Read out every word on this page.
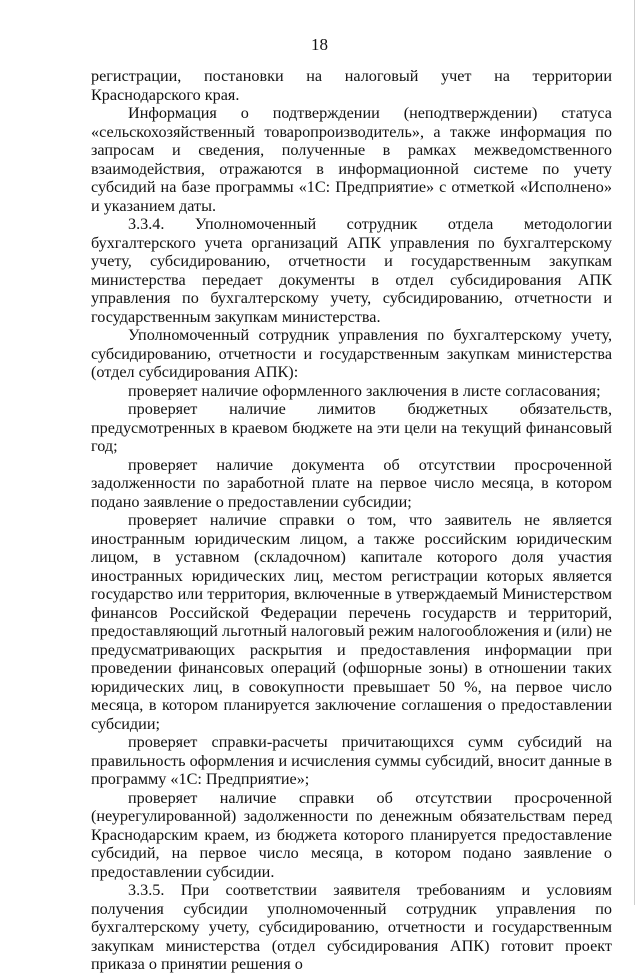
18

регистрации, постановки на налоговый учет на территории Краснодарского края.

Информация о подтверждении (неподтверждении) статуса «сельскохозяйственный товаропроизводитель», а также информация по запросам и сведения, полученные в рамках межведомственного взаимодействия, отражаются в информационной системе по учету субсидий на базе программы «1С: Предприятие» с отметкой «Исполнено» и указанием даты.

3.3.4. Уполномоченный сотрудник отдела методологии бухгалтерского учета организаций АПК управления по бухгалтерскому учету, субсидированию, отчетности и государственным закупкам министерства передает документы в отдел субсидирования АПК управления по бухгалтерскому учету, субсидированию, отчетности и государственным закупкам министерства.

Уполномоченный сотрудник управления по бухгалтерскому учету, субсидированию, отчетности и государственным закупкам министерства (отдел субсидирования АПК):

проверяет наличие оформленного заключения в листе согласования;

проверяет наличие лимитов бюджетных обязательств, предусмотренных в краевом бюджете на эти цели на текущий финансовый год;

проверяет наличие документа об отсутствии просроченной задолженности по заработной плате на первое число месяца, в котором подано заявление о предоставлении субсидии;

проверяет наличие справки о том, что заявитель не является иностранным юридическим лицом, а также российским юридическим лицом, в уставном (складочном) капитале которого доля участия иностранных юридических лиц, местом регистрации которых является государство или территория, включенные в утверждаемый Министерством финансов Российской Федерации перечень государств и территорий, предоставляющий льготный налоговый режим налогообложения и (или) не предусматривающих раскрытия и предоставления информации при проведении финансовых операций (офшорные зоны) в отношении таких юридических лиц, в совокупности превышает 50 %, на первое число месяца, в котором планируется заключение соглашения о предоставлении субсидии;

проверяет справки-расчеты причитающихся сумм субсидий на правильность оформления и исчисления суммы субсидий, вносит данные в программу «1С: Предприятие»;

проверяет наличие справки об отсутствии просроченной (неурегулированной) задолженности по денежным обязательствам перед Краснодарским краем, из бюджета которого планируется предоставление субсидий, на первое число месяца, в котором подано заявление о предоставлении субсидии.

3.3.5. При соответствии заявителя требованиям и условиям получения субсидии уполномоченный сотрудник управления по бухгалтерскому учету, субсидированию, отчетности и государственным закупкам министерства (отдел субсидирования АПК) готовит проект приказа о принятии решения о
